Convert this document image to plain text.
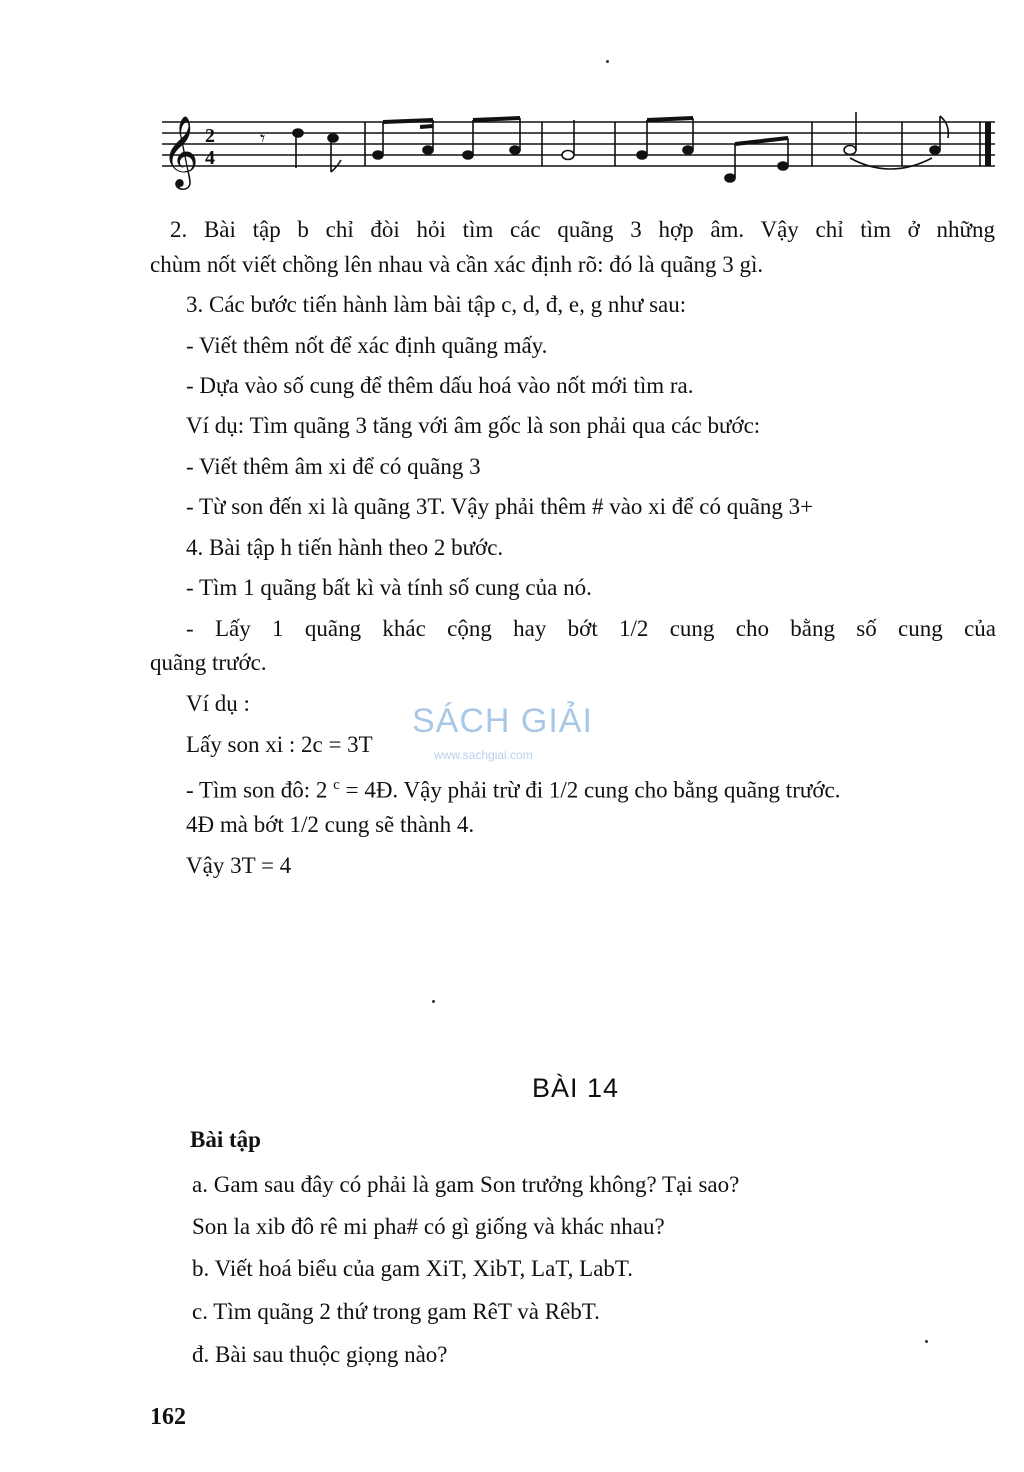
𝄞 2
4
𝄾
2. Bài tập b chỉ đòi hỏi tìm các quãng 3 hợp âm. Vậy chỉ tìm ở những
chùm nốt viết chồng lên nhau và cần xác định rõ: đó là quãng 3 gì.
3. Các bước tiến hành làm bài tập c, d, đ, e, g như sau:
- Viết thêm nốt để xác định quãng mấy.
- Dựa vào số cung để thêm dấu hoá vào nốt mới tìm ra.
Ví dụ: Tìm quãng 3 tăng với âm gốc là son phải qua các bước:
- Viết thêm âm xi để có quãng 3
- Từ son đến xi là quãng 3T. Vậy phải thêm # vào xi để có quãng 3+
4. Bài tập h tiến hành theo 2 bước.
- Tìm 1 quãng bất kì và tính số cung của nó.
- Lấy 1 quãng khác cộng hay bớt 1/2 cung cho bằng số cung của
quãng trước.
Ví dụ :
Lấy son xi : 2c = 3T
- Tìm son đô: 2 $^c$ = 4Đ. Vậy phải trừ đi 1/2 cung cho bằng quãng trước.
4Đ mà bớt 1/2 cung sẽ thành 4.
Vậy 3T = 4
SÁCH GIẢI
www.sachgiai.com
BÀI 14
Bài tập
a. Gam sau đây có phải là gam Son trưởng không? Tại sao?
Son la xib đô rê mi pha# có gì giống và khác nhau?
b. Viết hoá biểu của gam XiT, XibT, LaT, LabT.
c. Tìm quãng 2 thứ trong gam RêT và RêbT.
đ. Bài sau thuộc giọng nào?
162
